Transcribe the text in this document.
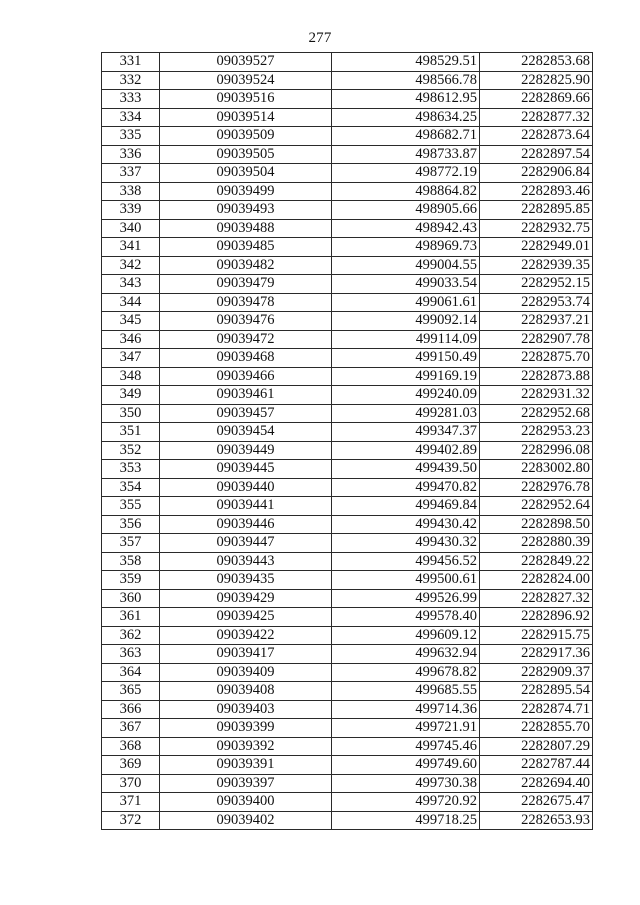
277
331	09039527	498529.51	2282853.68
332	09039524	498566.78	2282825.90
333	09039516	498612.95	2282869.66
334	09039514	498634.25	2282877.32
335	09039509	498682.71	2282873.64
336	09039505	498733.87	2282897.54
337	09039504	498772.19	2282906.84
338	09039499	498864.82	2282893.46
339	09039493	498905.66	2282895.85
340	09039488	498942.43	2282932.75
341	09039485	498969.73	2282949.01
342	09039482	499004.55	2282939.35
343	09039479	499033.54	2282952.15
344	09039478	499061.61	2282953.74
345	09039476	499092.14	2282937.21
346	09039472	499114.09	2282907.78
347	09039468	499150.49	2282875.70
348	09039466	499169.19	2282873.88
349	09039461	499240.09	2282931.32
350	09039457	499281.03	2282952.68
351	09039454	499347.37	2282953.23
352	09039449	499402.89	2282996.08
353	09039445	499439.50	2283002.80
354	09039440	499470.82	2282976.78
355	09039441	499469.84	2282952.64
356	09039446	499430.42	2282898.50
357	09039447	499430.32	2282880.39
358	09039443	499456.52	2282849.22
359	09039435	499500.61	2282824.00
360	09039429	499526.99	2282827.32
361	09039425	499578.40	2282896.92
362	09039422	499609.12	2282915.75
363	09039417	499632.94	2282917.36
364	09039409	499678.82	2282909.37
365	09039408	499685.55	2282895.54
366	09039403	499714.36	2282874.71
367	09039399	499721.91	2282855.70
368	09039392	499745.46	2282807.29
369	09039391	499749.60	2282787.44
370	09039397	499730.38	2282694.40
371	09039400	499720.92	2282675.47
372	09039402	499718.25	2282653.93
